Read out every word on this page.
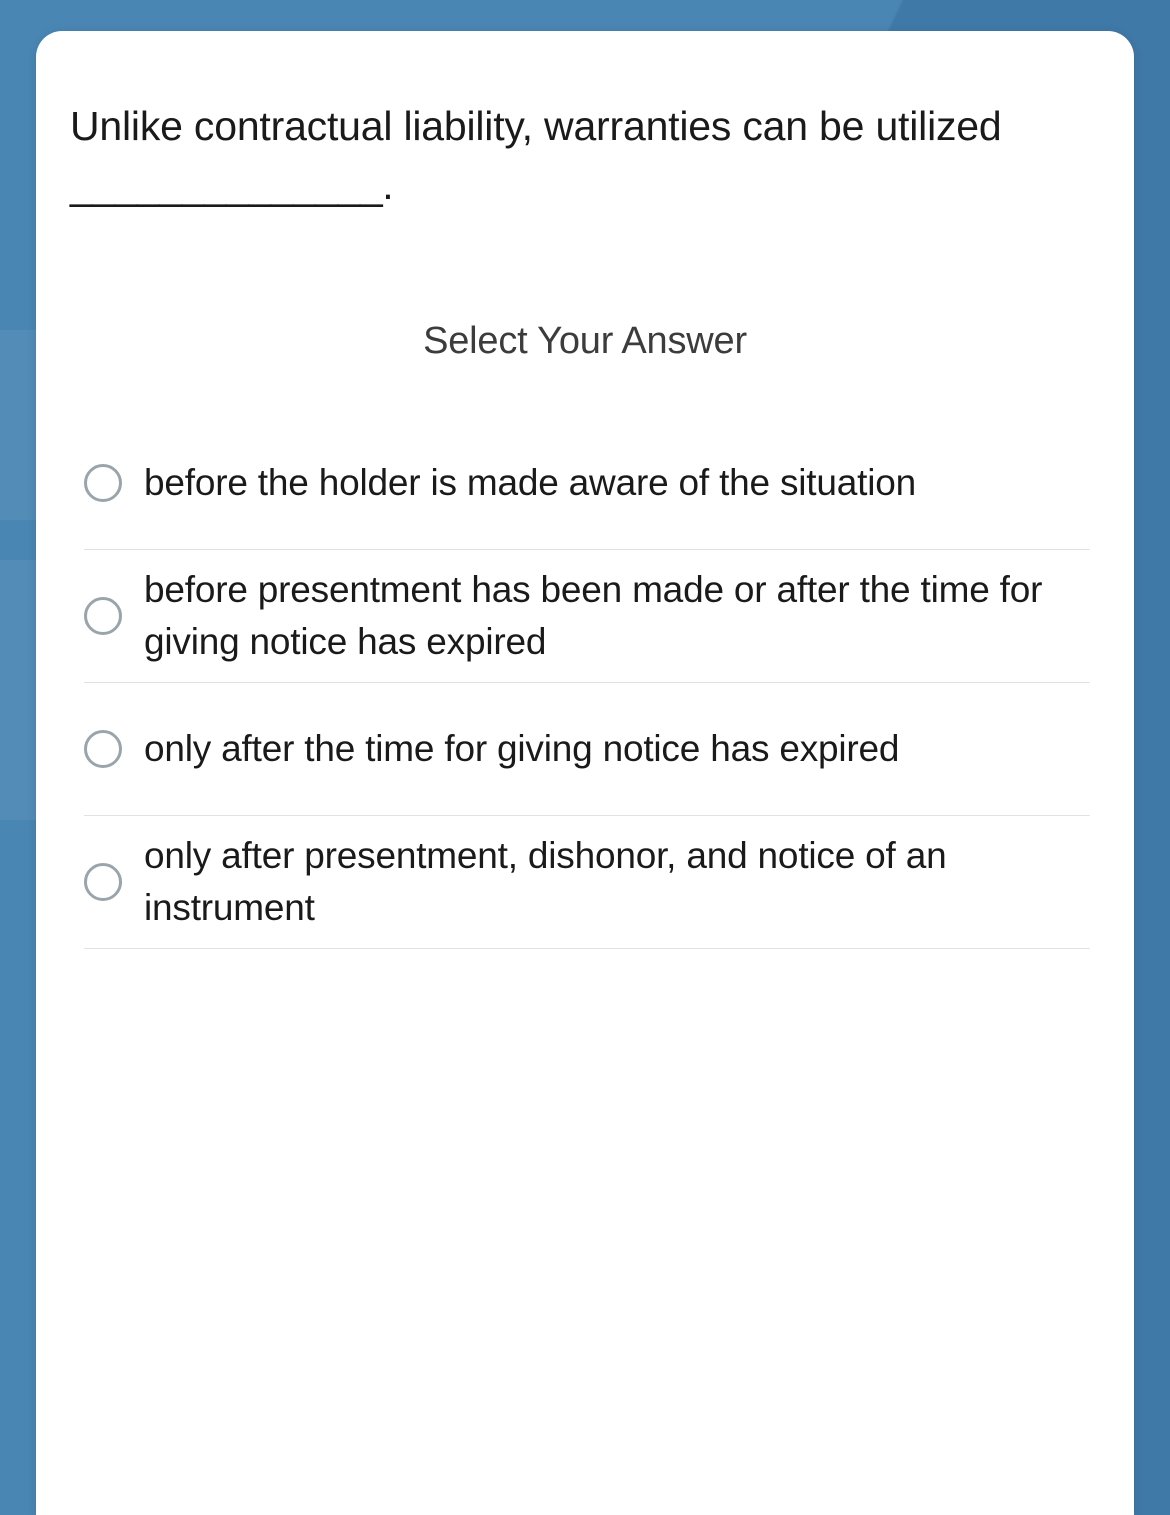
Unlike contractual liability, warranties can be utilized ______________.
Select Your Answer
before the holder is made aware of the situation
before presentment has been made or after the time for giving notice has expired
only after the time for giving notice has expired
only after presentment, dishonor, and notice of an instrument
